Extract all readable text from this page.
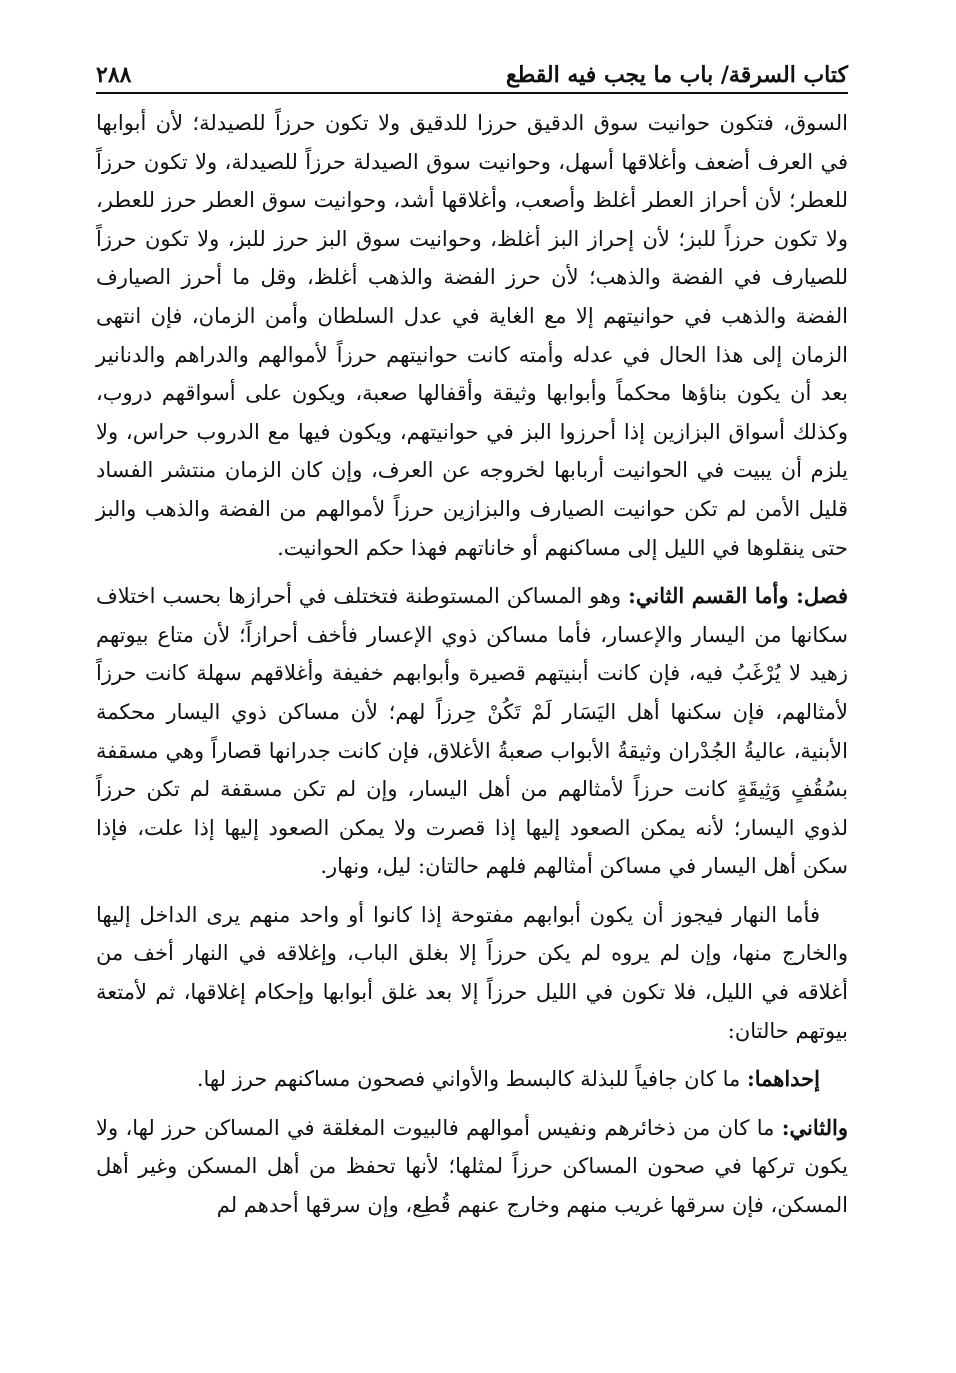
كتاب السرقة/ باب ما يجب فيه القطع
٢٨٨

السوق، فتكون حوانيت سوق الدقيق حرزا للدقيق ولا تكون حرزاً للصيدلة؛ لأن أبوابها في العرف أضعف وأغلاقها أسهل، وحوانيت سوق الصيدلة حرزاً للصيدلة، ولا تكون حرزاً للعطر؛ لأن أحراز العطر أغلظ وأصعب، وأغلاقها أشد، وحوانيت سوق العطر حرز للعطر، ولا تكون حرزاً للبز؛ لأن إحراز البز أغلظ، وحوانيت سوق البز حرز للبز، ولا تكون حرزاً للصيارف في الفضة والذهب؛ لأن حرز الفضة والذهب أغلظ، وقل ما أحرز الصيارف الفضة والذهب في حوانيتهم إلا مع الغاية في عدل السلطان وأمن الزمان، فإن انتهى الزمان إلى هذا الحال في عدله وأمته كانت حوانيتهم حرزاً لأموالهم والدراهم والدنانير بعد أن يكون بناؤها محكماً وأبوابها وثيقة وأقفالها صعبة، ويكون على أسواقهم دروب، وكذلك أسواق البزازين إذا أحرزوا البز في حوانيتهم، ويكون فيها مع الدروب حراس، ولا يلزم أن يبيت في الحوانيت أربابها لخروجه عن العرف، وإن كان الزمان منتشر الفساد قليل الأمن لم تكن حوانيت الصيارف والبزازين حرزاً لأموالهم من الفضة والذهب والبز حتى ينقلوها في الليل إلى مساكنهم أو خاناتهم فهذا حكم الحوانيت.

فصل: وأما القسم الثاني: وهو المساكن المستوطنة فتختلف في أحرازها بحسب اختلاف سكانها من اليسار والإعسار، فأما مساكن ذوي الإعسار فأخف أحرازاً؛ لأن متاع بيوتهم زهيد لا يُرْغَبُ فيه، فإن كانت أبنيتهم قصيرة وأبوابهم خفيفة وأغلاقهم سهلة كانت حرزاً لأمثالهم، فإن سكنها أهل اليَسَار لَمْ تَكُنْ حِرزاً لهم؛ لأن مساكن ذوي اليسار محكمة الأبنية، عاليةُ الجُدْران وثيقةُ الأبواب صعبةُ الأغلاق، فإن كانت جدرانها قصاراً وهي مسقفة بسُقُفٍ وَثِيقَةٍ كانت حرزاً لأمثالهم من أهل اليسار، وإن لم تكن مسقفة لم تكن حرزاً لذوي اليسار؛ لأنه يمكن الصعود إليها إذا قصرت ولا يمكن الصعود إليها إذا علت، فإذا سكن أهل اليسار في مساكن أمثالهم فلهم حالتان: ليل، ونهار.

فأما النهار فيجوز أن يكون أبوابهم مفتوحة إذا كانوا أو واحد منهم يرى الداخل إليها والخارج منها، وإن لم يروه لم يكن حرزاً إلا بغلق الباب، وإغلاقه في النهار أخف من أغلاقه في الليل، فلا تكون في الليل حرزاً إلا بعد غلق أبوابها وإحكام إغلاقها، ثم لأمتعة بيوتهم حالتان:

إحداهما: ما كان جافياً للبذلة كالبسط والأواني فصحون مساكنهم حرز لها.

والثاني: ما كان من ذخائرهم ونفيس أموالهم فالبيوت المغلقة في المساكن حرز لها، ولا يكون تركها في صحون المساكن حرزاً لمثلها؛ لأنها تحفظ من أهل المسكن وغير أهل المسكن، فإن سرقها غريب منهم وخارج عنهم قُطِع، وإن سرقها أحدهم لم
